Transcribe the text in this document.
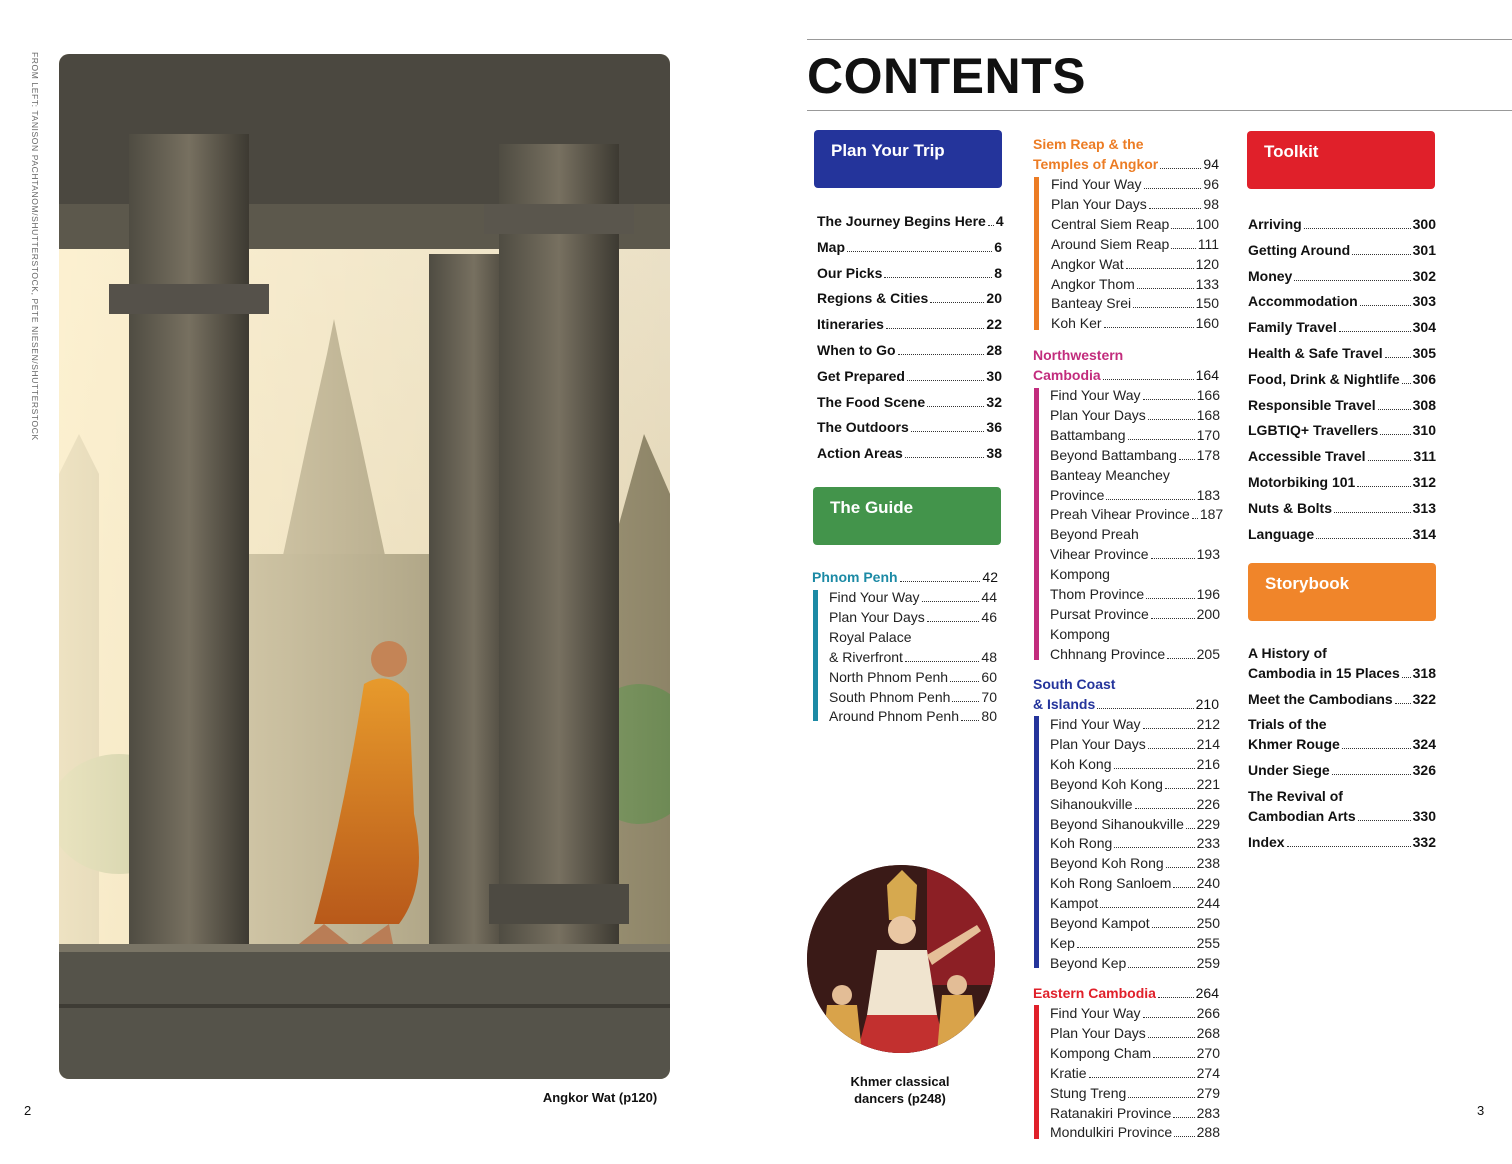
FROM LEFT: TANISON PACHTANOM/SHUTTERSTOCK, PETE NIESEN/SHUTTERSTOCK
Angkor Wat (p120)
2
CONTENTS
Plan Your Trip
The Journey Begins Here 4
Map	6
Our Picks	8
Regions & Cities	20
Itineraries	22
When to Go	28
Get Prepared	30
The Food Scene	32
The Outdoors	36
Action Areas	38
The Guide
Phnom Penh	42
Find Your Way	44
Plan Your Days	46
Royal Palace
& Riverfront	48
North Phnom Penh 60
South Phnom Penh 70
Around Phnom Penh 80
Khmer classical
dancers (p248)
Siem Reap & the
Temples of Angkor	94
Find Your Way	96
Plan Your Days	98
Central Siem Reap 100
Around Siem Reap 111
Angkor Wat	120
Angkor Thom	133
Banteay Srei	150
Koh Ker	160
Northwestern
Cambodia	164
Find Your Way	166
Plan Your Days	168
Battambang	170
Beyond Battambang 178
Banteay Meanchey
Province	183
Preah Vihear Province 187
Beyond Preah
Vihear Province	193
Kompong
Thom Province	196
Pursat Province	200
Kompong
Chhnang Province 205
South Coast
& Islands	210
Find Your Way	212
Plan Your Days	214
Koh Kong	216
Beyond Koh Kong 221
Sihanoukville	226
Beyond Sihanoukville 229
Koh Rong	233
Beyond Koh Rong 238
Koh Rong Sanloem 240
Kampot	244
Beyond Kampot	250
Kep	255
Beyond Kep	259
Eastern Cambodia	264
Find Your Way	266
Plan Your Days	268
Kompong Cham	270
Kratie	274
Stung Treng	279
Ratanakiri Province 283
Mondulkiri Province 288
Toolkit
Arriving	300
Getting Around	301
Money	302
Accommodation	303
Family Travel	304
Health & Safe Travel 305
Food, Drink & Nightlife 306
Responsible Travel	308
LGBTIQ+ Travellers 310
Accessible Travel	311
Motorbiking 101	312
Nuts & Bolts	313
Language	314
Storybook
A History of
Cambodia in 15 Places 318
Meet the Cambodians 322
Trials of the
Khmer Rouge	324
Under Siege	326
The Revival of
Cambodian Arts	330
Index	332
3
